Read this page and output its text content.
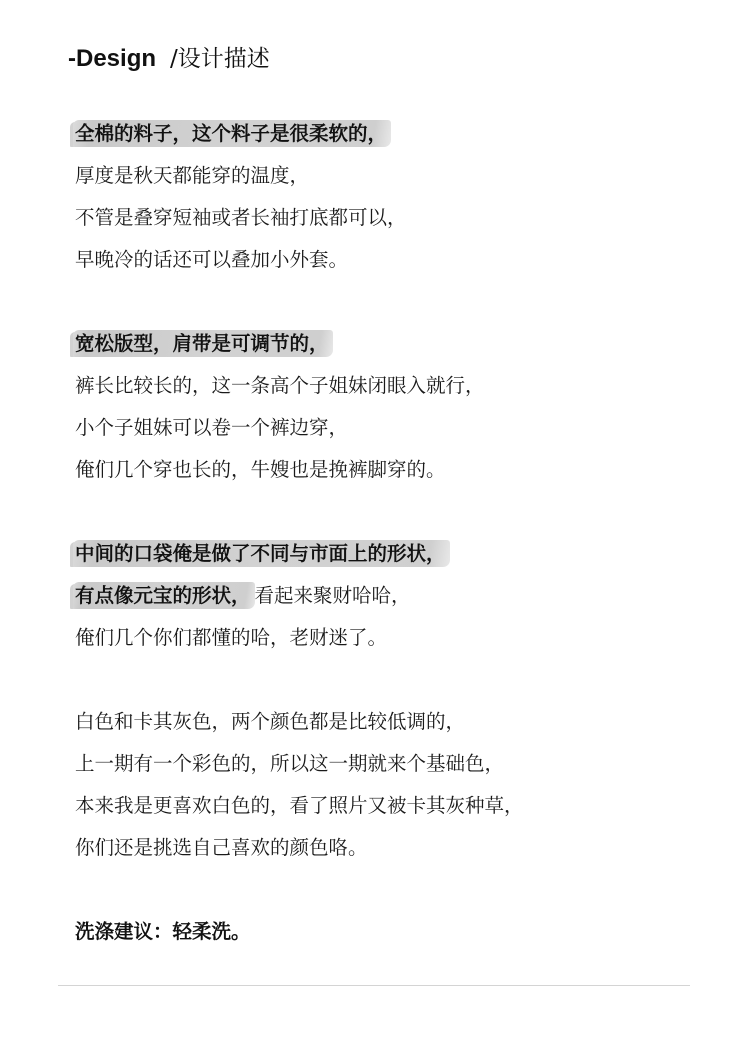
-Design /设计描述
全棉的料子，这个料子是很柔软的，
厚度是秋天都能穿的温度，
不管是叠穿短袖或者长袖打底都可以，
早晚冷的话还可以叠加小外套。
宽松版型，肩带是可调节的，
裤长比较长的，这一条高个子姐妹闭眼入就行，
小个子姐妹可以卷一个裤边穿，
俺们几个穿也长的，牛嫂也是挽裤脚穿的。
中间的口袋俺是做了不同与市面上的形状，
有点像元宝的形状， 看起来聚财哈哈，
俺们几个你们都懂的哈，老财迷了。
白色和卡其灰色，两个颜色都是比较低调的，
上一期有一个彩色的，所以这一期就来个基础色，
本来我是更喜欢白色的，看了照片又被卡其灰种草，
你们还是挑选自己喜欢的颜色咯。
洗涤建议：轻柔洗。
